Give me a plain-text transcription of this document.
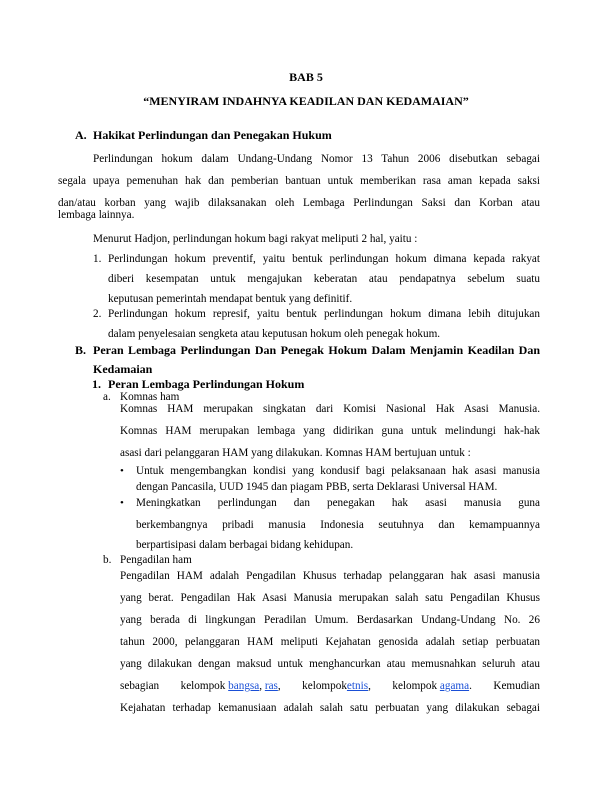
BAB 5
“MENYIRAM INDAHNYA KEADILAN DAN KEDAMAIAN”
A. Hakikat Perlindungan dan Penegakan Hukum
Perlindungan hokum dalam Undang-Undang Nomor 13 Tahun 2006 disebutkan sebagai
segala upaya pemenuhan hak dan pemberian bantuan untuk memberikan rasa aman kepada saksi
dan/atau korban yang wajib dilaksanakan oleh Lembaga Perlindungan Saksi dan Korban atau
lembaga lainnya.
Menurut Hadjon, perlindungan hokum bagi rakyat meliputi 2 hal, yaitu :
1. Perlindungan hokum preventif, yaitu bentuk perlindungan hokum dimana kepada rakyat
diberi kesempatan untuk mengajukan keberatan atau pendapatnya sebelum suatu
keputusan pemerintah mendapat bentuk yang definitif.
2. Perlindungan hokum represif, yaitu bentuk perlindungan hokum dimana lebih ditujukan
dalam penyelesaian sengketa atau keputusan hokum oleh penegak hokum.
B. Peran Lembaga Perlindungan Dan Penegak Hokum Dalam Menjamin Keadilan Dan
Kedamaian
1. Peran Lembaga Perlindungan Hokum
a. Komnas ham
Komnas HAM merupakan singkatan dari Komisi Nasional Hak Asasi Manusia.
Komnas HAM merupakan lembaga yang didirikan guna untuk melindungi hak-hak
asasi dari pelanggaran HAM yang dilakukan. Komnas HAM bertujuan untuk :
• Untuk mengembangkan kondisi yang kondusif bagi pelaksanaan hak asasi manusia
dengan Pancasila, UUD 1945 dan piagam PBB, serta Deklarasi Universal HAM.
• Meningkatkan perlindungan dan penegakan hak asasi manusia guna
berkembangnya pribadi manusia Indonesia seutuhnya dan kemampuannya
berpartisipasi dalam berbagai bidang kehidupan.
b. Pengadilan ham
Pengadilan HAM adalah Pengadilan Khusus terhadap pelanggaran hak asasi manusia
yang berat. Pengadilan Hak Asasi Manusia merupakan salah satu Pengadilan Khusus
yang berada di lingkungan Peradilan Umum. Berdasarkan Undang-Undang No. 26
tahun 2000, pelanggaran HAM meliputi Kejahatan genosida adalah setiap perbuatan
yang dilakukan dengan maksud untuk menghancurkan atau memusnahkan seluruh atau
sebagian kelompok bangsa, ras, kelompoketnis, kelompok agama. Kemudian
Kejahatan terhadap kemanusiaan adalah salah satu perbuatan yang dilakukan sebagai
